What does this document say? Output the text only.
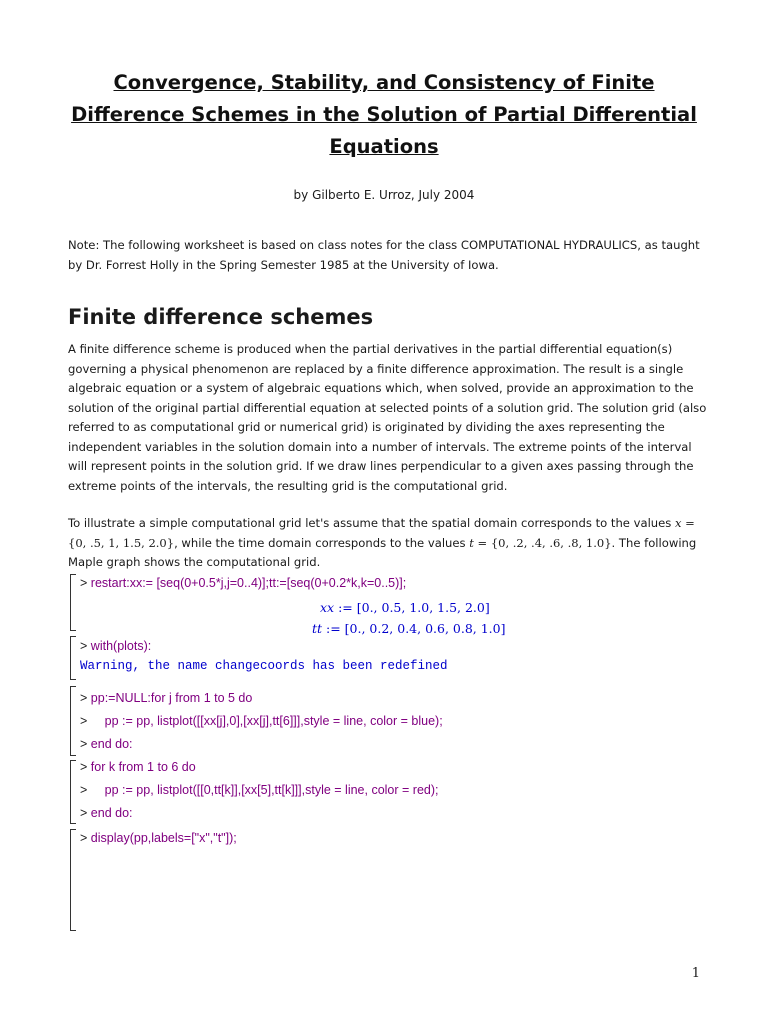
Convergence, Stability, and Consistency of Finite
Difference Schemes in the Solution of Partial Differential
Equations
by Gilberto E. Urroz, July 2004
Note: The following worksheet is based on class notes for the class COMPUTATIONAL HYDRAULICS, as taught by Dr. Forrest Holly in the Spring Semester 1985 at the University of Iowa.
Finite difference schemes
A finite difference scheme is produced when the partial derivatives in the partial differential equation(s) governing a physical phenomenon are replaced by a finite difference approximation. The result is a single algebraic equation or a system of algebraic equations which, when solved, provide an approximation to the solution of the original partial differential equation at selected points of a solution grid. The solution grid (also referred to as computational grid or numerical grid) is originated by dividing the axes representing the independent variables in the solution domain into a number of intervals. The extreme points of the interval will represent points in the solution grid. If we draw lines perpendicular to a given axes passing through the extreme points of the intervals, the resulting grid is the computational grid.
To illustrate a simple computational grid let's assume that the spatial domain corresponds to the values x = {0, .5, 1, 1.5, 2.0}, while the time domain corresponds to the values t = {0, .2, .4, .6, .8, 1.0}. The following Maple graph shows the computational grid.
> restart:xx:= [seq(0+0.5*j,j=0..4)];tt:=[seq(0+0.2*k,k=0..5)];
xx := [0., 0.5, 1.0, 1.5, 2.0]
tt := [0., 0.2, 0.4, 0.6, 0.8, 1.0]
> with(plots):
Warning, the name changecoords has been redefined
> pp:=NULL:for j from 1 to 5 do
>     pp := pp, listplot([[xx[j],0],[xx[j],tt[6]]],style = line, color = blue);
> end do:
> for k from 1 to 6 do
>     pp := pp, listplot([[0,tt[k]],[xx[5],tt[k]]],style = line, color = red);
> end do:
> display(pp,labels=["x","t"]);
1
